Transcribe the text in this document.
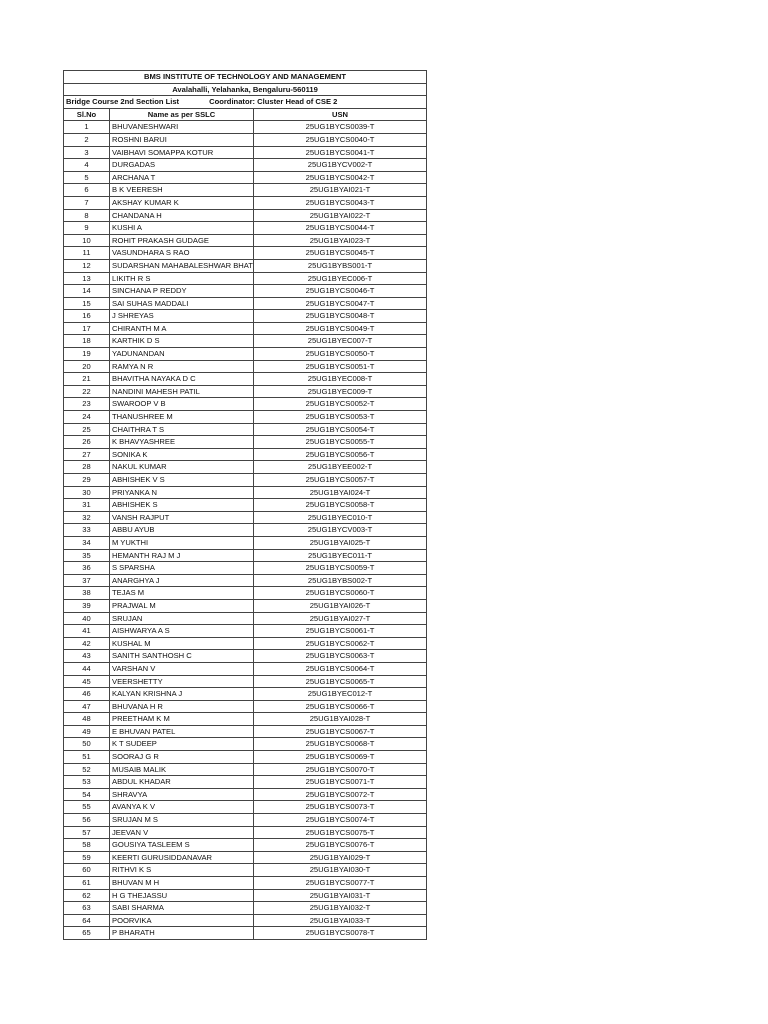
BMS INSTITUTE OF TECHNOLOGY AND MANAGEMENT		
Avalahalli, Yelahanka, Bengaluru-560119		

Bridge Course 2nd Section List Coordinator: Cluster Head of CSE 2		

Sl.No	Name as per SSLC	USN
1	BHUVANESHWARI	25UG1BYCS0039-T
2	ROSHNI BARUI	25UG1BYCS0040-T
3	VAIBHAVI SOMAPPA KOTUR	25UG1BYCS0041-T
4	DURGADAS	25UG1BYCV002-T
5	ARCHANA T	25UG1BYCS0042-T
6	B K VEERESH	25UG1BYAI021-T
7	AKSHAY KUMAR K	25UG1BYCS0043-T
8	CHANDANA H	25UG1BYAI022-T
9	KUSHI A	25UG1BYCS0044-T
10	ROHIT PRAKASH GUDAGE	25UG1BYAI023-T
11	VASUNDHARA S RAO	25UG1BYCS0045-T
12	SUDARSHAN MAHABALESHWAR BHAT	25UG1BYBS001-T
13	LIKITH R S	25UG1BYEC006-T
14	SINCHANA P REDDY	25UG1BYCS0046-T
15	SAI SUHAS MADDALI	25UG1BYCS0047-T
16	J SHREYAS	25UG1BYCS0048-T
17	CHIRANTH M A	25UG1BYCS0049-T
18	KARTHIK D S	25UG1BYEC007-T
19	YADUNANDAN	25UG1BYCS0050-T
20	RAMYA N R	25UG1BYCS0051-T
21	BHAVITHA NAYAKA D C	25UG1BYEC008-T
22	NANDINI MAHESH PATIL	25UG1BYEC009-T
23	SWAROOP V B	25UG1BYCS0052-T
24	THANUSHREE M	25UG1BYCS0053-T
25	CHAITHRA T S	25UG1BYCS0054-T
26	K BHAVYASHREE	25UG1BYCS0055-T
27	SONIKA K	25UG1BYCS0056-T
28	NAKUL KUMAR	25UG1BYEE002-T
29	ABHISHEK V S	25UG1BYCS0057-T
30	PRIYANKA N	25UG1BYAI024-T
31	ABHISHEK S	25UG1BYCS0058-T
32	VANSH RAJPUT	25UG1BYEC010-T
33	ABBU AYUB	25UG1BYCV003-T
34	M YUKTHI	25UG1BYAI025-T
35	HEMANTH RAJ M J	25UG1BYEC011-T
36	S SPARSHA	25UG1BYCS0059-T
37	ANARGHYA J	25UG1BYBS002-T
38	TEJAS M	25UG1BYCS0060-T
39	PRAJWAL M	25UG1BYAI026-T
40	SRUJAN	25UG1BYAI027-T
41	AISHWARYA A S	25UG1BYCS0061-T
42	KUSHAL M	25UG1BYCS0062-T
43	SANITH SANTHOSH C	25UG1BYCS0063-T
44	VARSHAN V	25UG1BYCS0064-T
45	VEERSHETTY	25UG1BYCS0065-T
46	KALYAN KRISHNA J	25UG1BYEC012-T
47	BHUVANA H R	25UG1BYCS0066-T
48	PREETHAM K M	25UG1BYAI028-T
49	E BHUVAN PATEL	25UG1BYCS0067-T
50	K T SUDEEP	25UG1BYCS0068-T
51	SOORAJ G R	25UG1BYCS0069-T
52	MUSAIB MALIK	25UG1BYCS0070-T
53	ABDUL KHADAR	25UG1BYCS0071-T
54	SHRAVYA	25UG1BYCS0072-T
55	AVANYA K V	25UG1BYCS0073-T
56	SRUJAN M S	25UG1BYCS0074-T
57	JEEVAN V	25UG1BYCS0075-T
58	GOUSIYA TASLEEM S	25UG1BYCS0076-T
59	KEERTI GURUSIDDANAVAR	25UG1BYAI029-T
60	RITHVI K S	25UG1BYAI030-T
61	BHUVAN M H	25UG1BYCS0077-T
62	H G THEJASSU	25UG1BYAI031-T
63	SABI SHARMA	25UG1BYAI032-T
64	POORVIKA	25UG1BYAI033-T
65	P BHARATH	25UG1BYCS0078-T
